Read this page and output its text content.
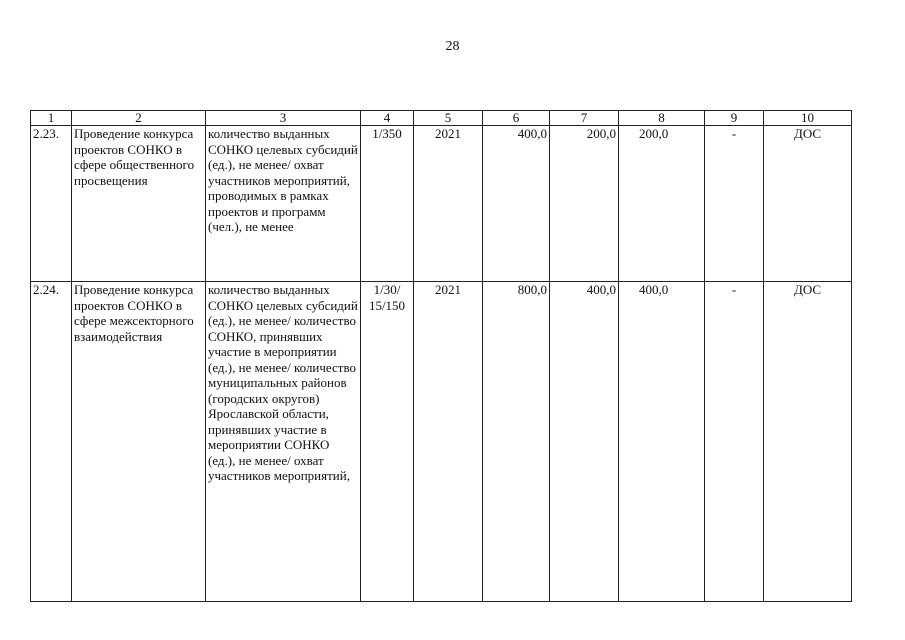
28
1	2	3	4	5	6	7	8	9	10
2.23.	Проведение конкурса проектов СОНКО в сфере общественного просвещения	количество выданных СОНКО целевых субсидий (ед.), не менее/ охват участников мероприятий, проводимых в рамках проектов и программ (чел.), не менее	1/350	2021	400,0	200,0	200,0	-	ДОС
2.24.	Проведение конкурса проектов СОНКО в сфере межсекторного взаимодействия	количество выданных СОНКО целевых субсидий (ед.), не менее/ количество СОНКО, принявших участие в мероприятии (ед.), не менее/ количество муниципальных районов (городских округов) Ярославской области, принявших участие в мероприятии СОНКО (ед.), не менее/ охват участников мероприятий,	1/30/ 15/150	2021	800,0	400,0	400,0	-	ДОС
